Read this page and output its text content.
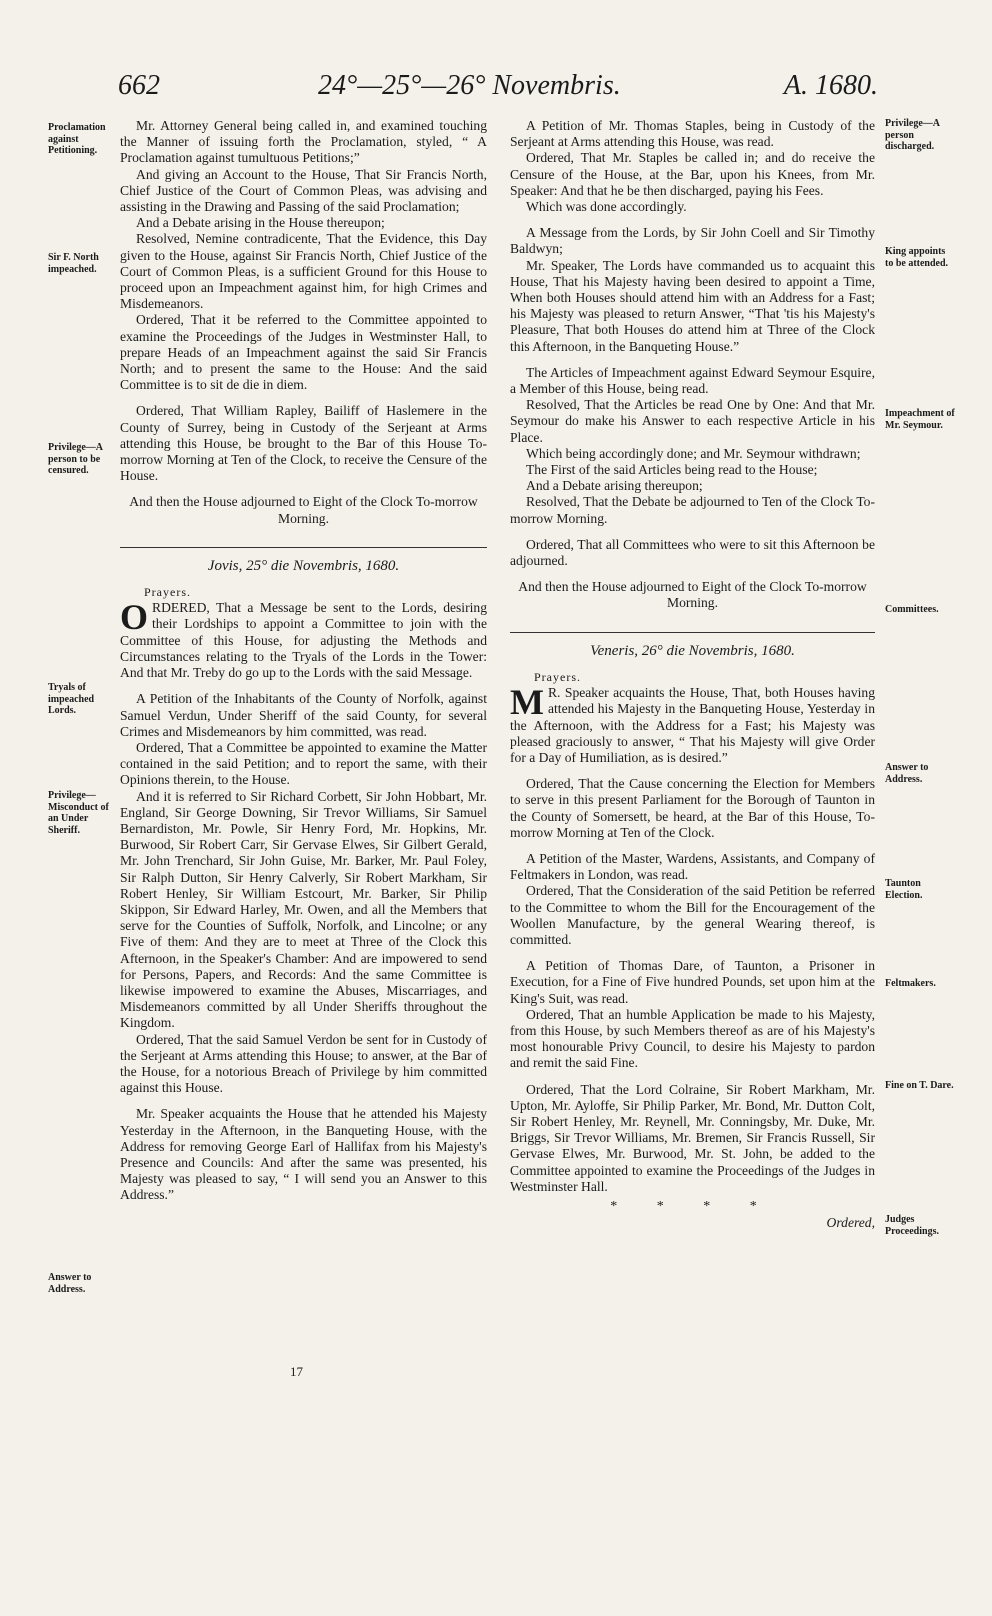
662	24°—25°—26° Novembris.	A. 1680.
Proclamation against Petitioning.
Sir F. North impeached.
Privilege—A person to be censured.
Tryals of impeached Lords.
Privilege—Misconduct of an Under Sheriff.
Answer to Address.
Privilege—A person discharged.
King appoints to be attended.
Impeachment of Mr. Seymour.
Committees.
Answer to Address.
Taunton Election.
Feltmakers.
Fine on T. Dare.
Judges Proceedings.

Mr. Attorney General being called in, and examined touching the Manner of issuing forth the Proclamation, styled, “ A Proclamation against tumultuous Petitions;”

And giving an Account to the House, That Sir Francis North, Chief Justice of the Court of Common Pleas, was advising and assisting in the Drawing and Passing of the said Proclamation;

And a Debate arising in the House thereupon;

Resolved, Nemine contradicente, That the Evidence, this Day given to the House, against Sir Francis North, Chief Justice of the Court of Common Pleas, is a sufficient Ground for this House to proceed upon an Impeachment against him, for high Crimes and Misdemeanors.

Ordered, That it be referred to the Committee appointed to examine the Proceedings of the Judges in Westminster Hall, to prepare Heads of an Impeachment against the said Sir Francis North; and to present the same to the House: And the said Committee is to sit de die in diem.

Ordered, That William Rapley, Bailiff of Haslemere in the County of Surrey, being in Custody of the Serjeant at Arms attending this House, be brought to the Bar of this House To-morrow Morning at Ten of the Clock, to receive the Censure of the House.

And then the House adjourned to Eight of the Clock To-morrow Morning.

Jovis, 25° die Novembris, 1680.

Prayers.

ORDERED, That a Message be sent to the Lords, desiring their Lordships to appoint a Committee to join with the Committee of this House, for adjusting the Methods and Circumstances relating to the Tryals of the Lords in the Tower: And that Mr. Treby do go up to the Lords with the said Message.

A Petition of the Inhabitants of the County of Norfolk, against Samuel Verdun, Under Sheriff of the said County, for several Crimes and Misdemeanors by him committed, was read.

Ordered, That a Committee be appointed to examine the Matter contained in the said Petition; and to report the same, with their Opinions therein, to the House.

And it is referred to Sir Richard Corbett, Sir John Hobbart, Mr. England, Sir George Downing, Sir Trevor Williams, Sir Samuel Bernardiston, Mr. Powle, Sir Henry Ford, Mr. Hopkins, Mr. Burwood, Sir Robert Carr, Sir Gervase Elwes, Sir Gilbert Gerald, Mr. John Trenchard, Sir John Guise, Mr. Barker, Mr. Paul Foley, Sir Ralph Dutton, Sir Henry Calverly, Sir Robert Markham, Sir Robert Henley, Sir William Estcourt, Mr. Barker, Sir Philip Skippon, Sir Edward Harley, Mr. Owen, and all the Members that serve for the Counties of Suffolk, Norfolk, and Lincolne; or any Five of them: And they are to meet at Three of the Clock this Afternoon, in the Speaker's Chamber: And are impowered to send for Persons, Papers, and Records: And the same Committee is likewise impowered to examine the Abuses, Miscarriages, and Misdemeanors committed by all Under Sheriffs throughout the Kingdom.

Ordered, That the said Samuel Verdon be sent for in Custody of the Serjeant at Arms attending this House; to answer, at the Bar of the House, for a notorious Breach of Privilege by him committed against this House.

Mr. Speaker acquaints the House that he attended his Majesty Yesterday in the Afternoon, in the Banqueting House, with the Address for removing George Earl of Hallifax from his Majesty's Presence and Councils: And after the same was presented, his Majesty was pleased to say, “ I will send you an Answer to this Address.”

A Petition of Mr. Thomas Staples, being in Custody of the Serjeant at Arms attending this House, was read.

Ordered, That Mr. Staples be called in; and do receive the Censure of the House, at the Bar, upon his Knees, from Mr. Speaker: And that he be then discharged, paying his Fees.

Which was done accordingly.

A Message from the Lords, by Sir John Coell and Sir Timothy Baldwyn;

Mr. Speaker, The Lords have commanded us to acquaint this House, That his Majesty having been desired to appoint a Time, When both Houses should attend him with an Address for a Fast; his Majesty was pleased to return Answer, “That 'tis his Majesty's Pleasure, That both Houses do attend him at Three of the Clock this Afternoon, in the Banqueting House.”

The Articles of Impeachment against Edward Seymour Esquire, a Member of this House, being read.

Resolved, That the Articles be read One by One: And that Mr. Seymour do make his Answer to each respective Article in his Place.

Which being accordingly done; and Mr. Seymour withdrawn;

The First of the said Articles being read to the House;

And a Debate arising thereupon;

Resolved, That the Debate be adjourned to Ten of the Clock To-morrow Morning.

Ordered, That all Committees who were to sit this Afternoon be adjourned.

And then the House adjourned to Eight of the Clock To-morrow Morning.

Veneris, 26° die Novembris, 1680.

Prayers.

M R. Speaker acquaints the House, That, both Houses having attended his Majesty in the Banqueting House, Yesterday in the Afternoon, with the Address for a Fast; his Majesty was pleased graciously to answer, “ That his Majesty will give Order for a Day of Humiliation, as is desired.”

Ordered, That the Cause concerning the Election for Members to serve in this present Parliament for the Borough of Taunton in the County of Somersett, be heard, at the Bar of this House, To-morrow Morning at Ten of the Clock.

A Petition of the Master, Wardens, Assistants, and Company of Feltmakers in London, was read.

Ordered, That the Consideration of the said Petition be referred to the Committee to whom the Bill for the Encouragement of the Woollen Manufacture, by the general Wearing thereof, is committed.

A Petition of Thomas Dare, of Taunton, a Prisoner in Execution, for a Fine of Five hundred Pounds, set upon him at the King's Suit, was read.

Ordered, That an humble Application be made to his Majesty, from this House, by such Members thereof as are of his Majesty's most honourable Privy Council, to desire his Majesty to pardon and remit the said Fine.

Ordered, That the Lord Colraine, Sir Robert Markham, Mr. Upton, Mr. Ayloffe, Sir Philip Parker, Mr. Bond, Mr. Dutton Colt, Sir Robert Henley, Mr. Reynell, Mr. Conningsby, Mr. Duke, Mr. Briggs, Sir Trevor Williams, Mr. Bremen, Sir Francis Russell, Sir Gervase Elwes, Mr. Burwood, Mr. St. John, be added to the Committee appointed to examine the Proceedings of the Judges in Westminster Hall.

* * * *

Ordered,

17
